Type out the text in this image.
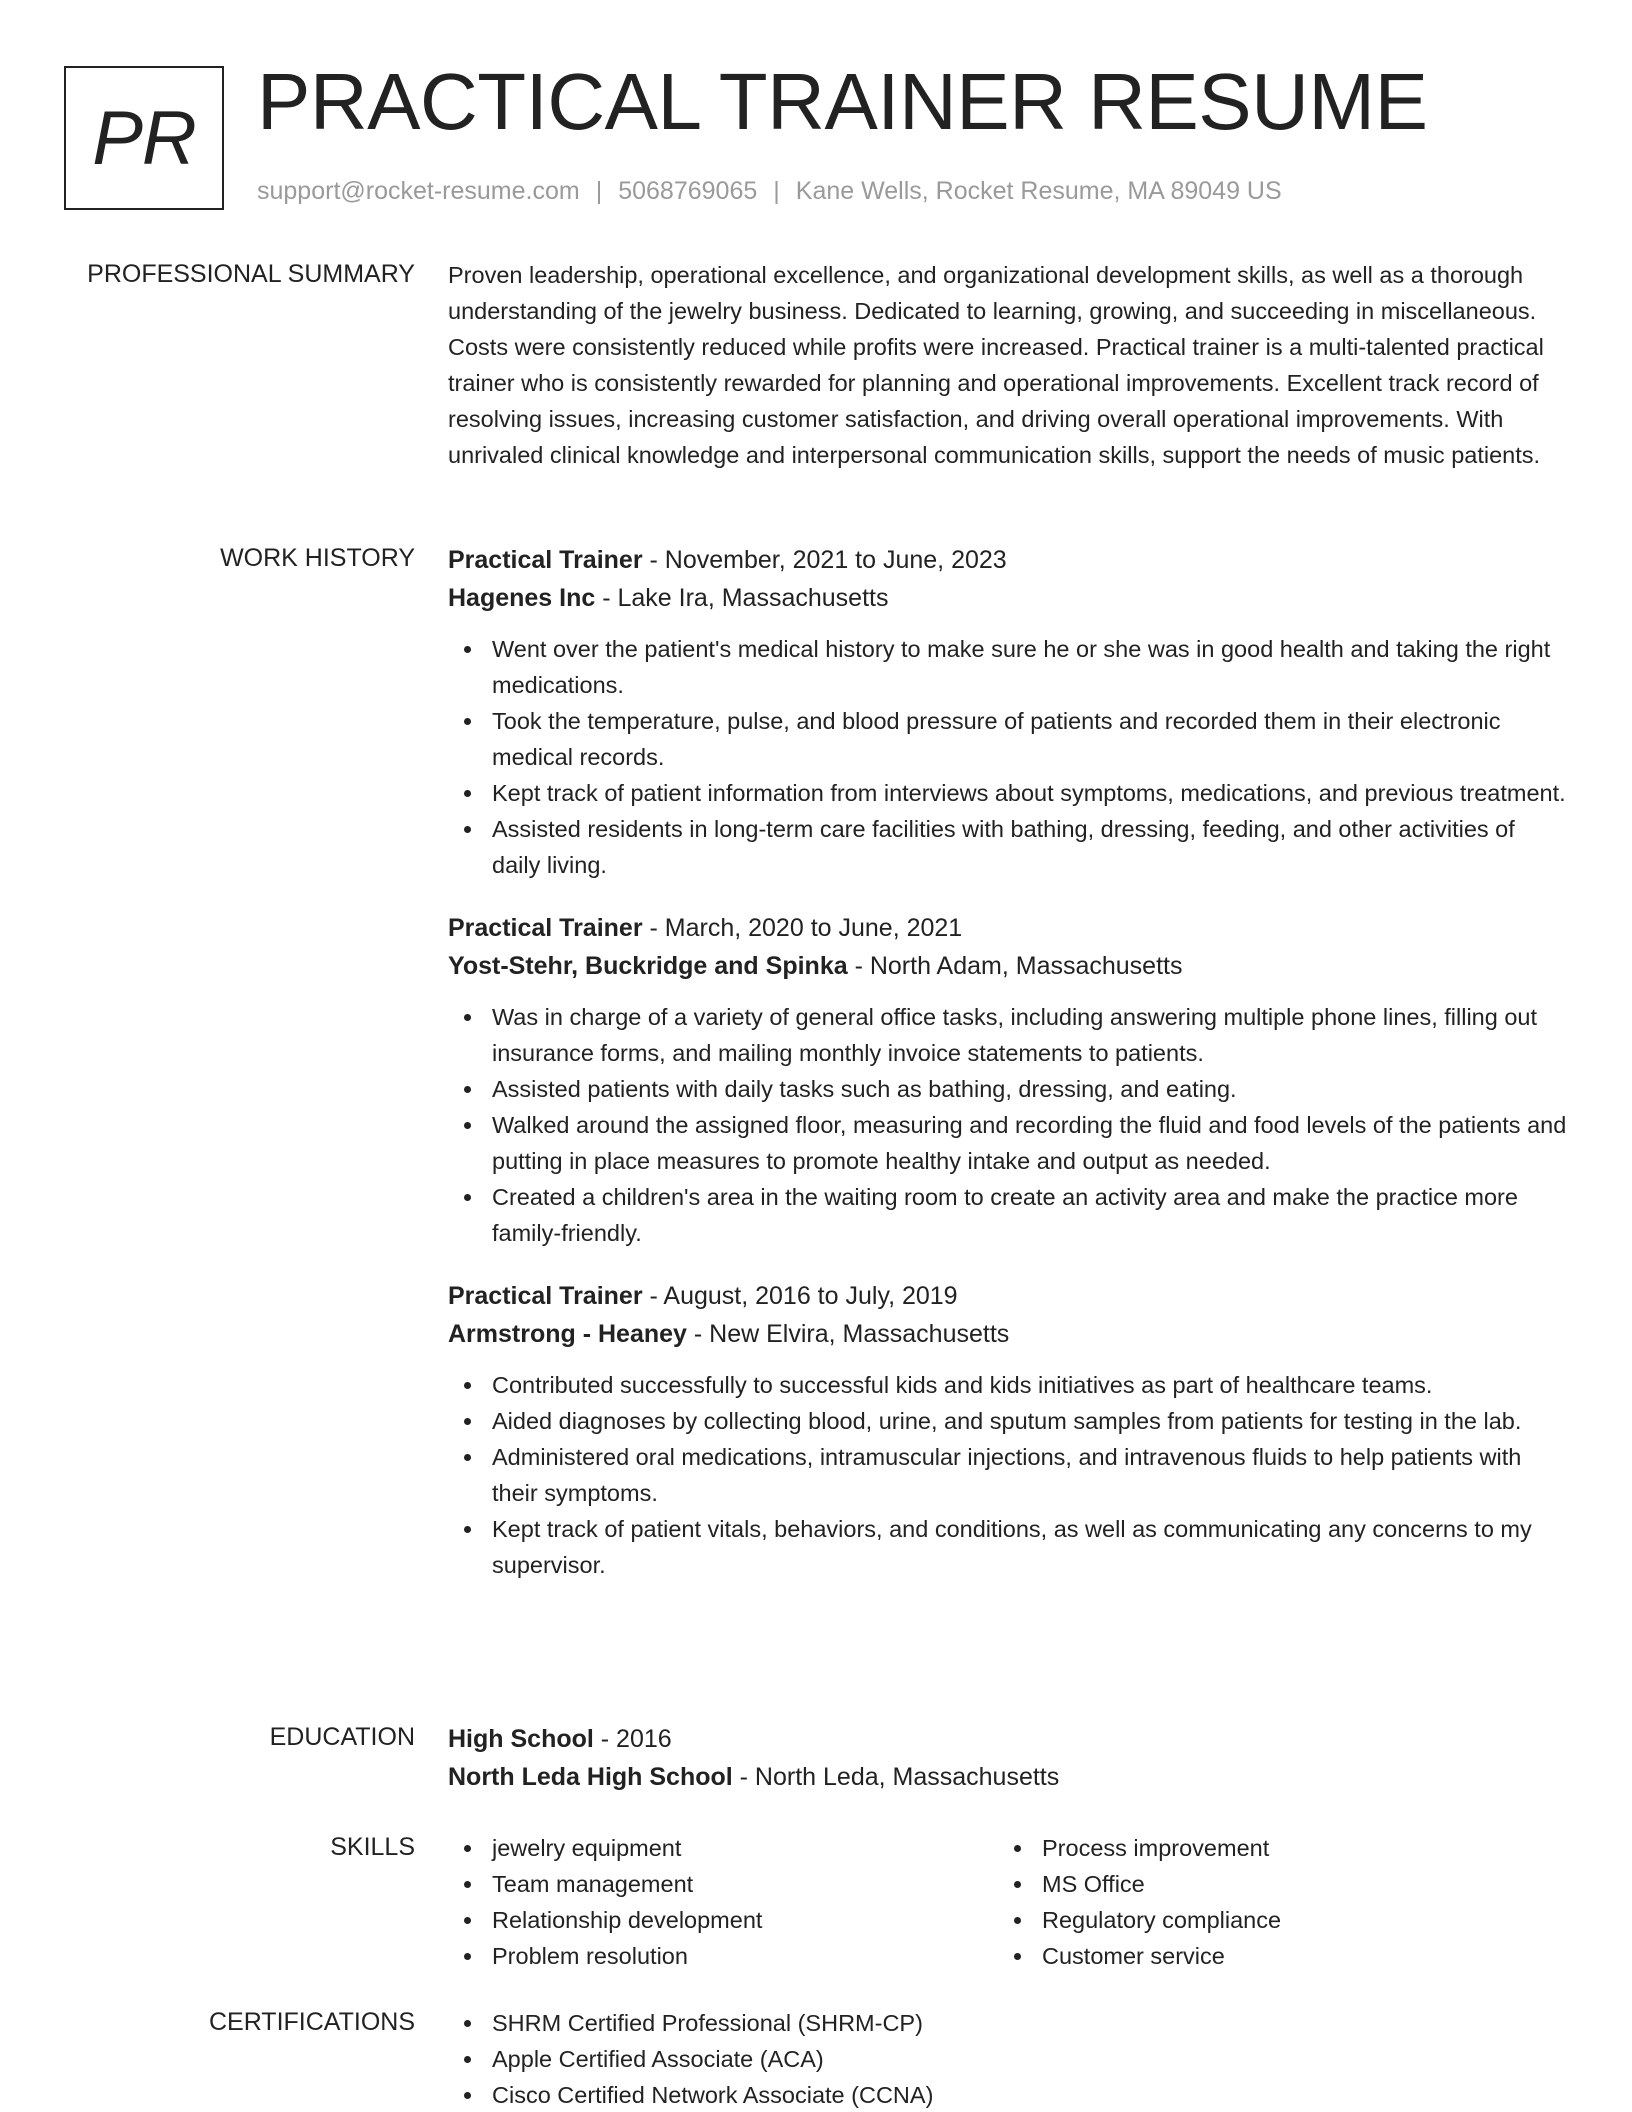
PR PRACTICAL TRAINER RESUME
support@rocket-resume.com | 5068769065 | Kane Wells, Rocket Resume, MA 89049 US
PROFESSIONAL SUMMARY Proven leadership, operational excellence, and organizational development skills, as well as a thorough understanding of the jewelry business. Dedicated to learning, growing, and succeeding in miscellaneous. Costs were consistently reduced while profits were increased. Practical trainer is a multi-talented practical trainer who is consistently rewarded for planning and operational improvements. Excellent track record of resolving issues, increasing customer satisfaction, and driving overall operational improvements. With unrivaled clinical knowledge and interpersonal communication skills, support the needs of music patients.

WORK HISTORY Practical Trainer - November, 2021 to June, 2023
Hagenes Inc - Lake Ira, Massachusetts
Went over the patient's medical history to make sure he or she was in good health and taking the right medications.
Took the temperature, pulse, and blood pressure of patients and recorded them in their electronic medical records.
Kept track of patient information from interviews about symptoms, medications, and previous treatment.
Assisted residents in long-term care facilities with bathing, dressing, feeding, and other activities of daily living.
Practical Trainer - March, 2020 to June, 2021
Yost-Stehr, Buckridge and Spinka - North Adam, Massachusetts
Was in charge of a variety of general office tasks, including answering multiple phone lines, filling out insurance forms, and mailing monthly invoice statements to patients.
Assisted patients with daily tasks such as bathing, dressing, and eating.
Walked around the assigned floor, measuring and recording the fluid and food levels of the patients and putting in place measures to promote healthy intake and output as needed.
Created a children's area in the waiting room to create an activity area and make the practice more family-friendly.
Practical Trainer - August, 2016 to July, 2019
Armstrong - Heaney - New Elvira, Massachusetts
Contributed successfully to successful kids and kids initiatives as part of healthcare teams.
Aided diagnoses by collecting blood, urine, and sputum samples from patients for testing in the lab.
Administered oral medications, intramuscular injections, and intravenous fluids to help patients with their symptoms.
Kept track of patient vitals, behaviors, and conditions, as well as communicating any concerns to my supervisor.
EDUCATION High School - 2016
North Leda High School - North Leda, Massachusetts
SKILLS	jewelry equipment
Team management
Relationship development
Problem resolution
Process improvement
MS Office
Regulatory compliance
Customer service
CERTIFICATIONS	SHRM Certified Professional (SHRM-CP)
Apple Certified Associate (ACA)
Cisco Certified Network Associate (CCNA)
